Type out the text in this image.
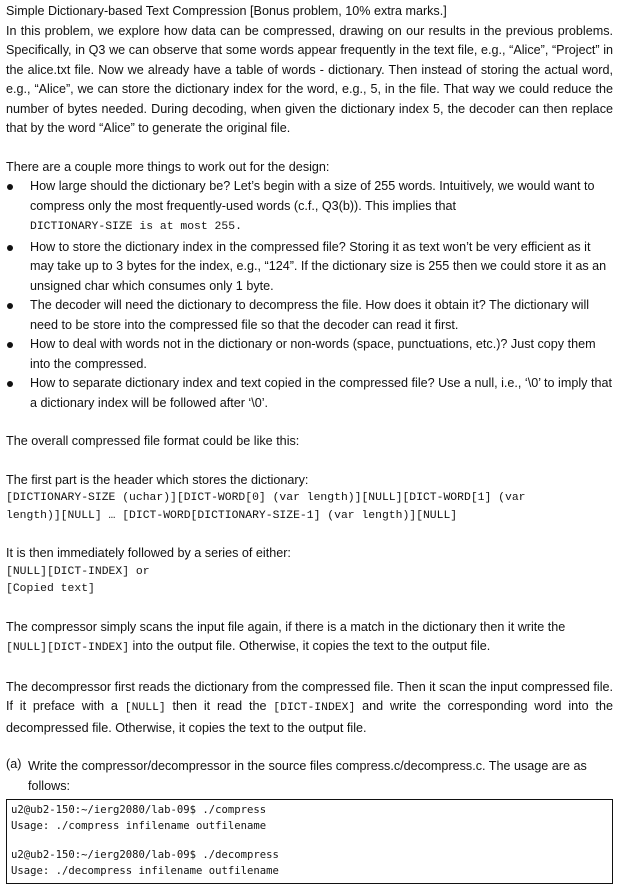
Simple Dictionary-based Text Compression [Bonus problem, 10% extra marks.]

In this problem, we explore how data can be compressed, drawing on our results in the previous problems. Specifically, in Q3 we can observe that some words appear frequently in the text file, e.g., “Alice”, “Project” in the alice.txt file. Now we already have a table of words - dictionary. Then instead of storing the actual word, e.g., “Alice”, we can store the dictionary index for the word, e.g., 5, in the file. That way we could reduce the number of bytes needed. During decoding, when given the dictionary index 5, the decoder can then replace that by the word “Alice” to generate the original file.

There are a couple more things to work out for the design:

How large should the dictionary be? Let’s begin with a size of 255 words. Intuitively, we would want to compress only the most frequently-used words (c.f., Q3(b)). This implies that
DICTIONARY-SIZE is at most 255.

How to store the dictionary index in the compressed file? Storing it as text won’t be very efficient as it may take up to 3 bytes for the index, e.g., “124”. If the dictionary size is 255 then we could store it as an unsigned char which consumes only 1 byte.

The decoder will need the dictionary to decompress the file. How does it obtain it? The dictionary will need to be store into the compressed file so that the decoder can read it first.

How to deal with words not in the dictionary or non-words (space, punctuations, etc.)? Just copy them into the compressed.

How to separate dictionary index and text copied in the compressed file? Use a null, i.e., ‘\0’ to imply that a dictionary index will be followed after ‘\0’.

The overall compressed file format could be like this:

The first part is the header which stores the dictionary:

[DICTIONARY-SIZE (uchar)][DICT-WORD[0] (var length)][NULL][DICT-WORD[1] (var
length)][NULL] … [DICT-WORD[DICTIONARY-SIZE-1] (var length)][NULL]

It is then immediately followed by a series of either:

[NULL][DICT-INDEX] or
[Copied text]

The compressor simply scans the input file again, if there is a match in the dictionary then it write the
[NULL][DICT-INDEX] into the output file. Otherwise, it copies the text to the output file.

The decompressor first reads the dictionary from the compressed file. Then it scan the input compressed file. If it preface with a [NULL] then it read the [DICT-INDEX] and write the corresponding word into the decompressed file. Otherwise, it copies the text to the output file.

(a) Write the compressor/decompressor in the source files compress.c/decompress.c. The usage are as follows:

u2@ub2-150:~/ierg2080/lab-09$ ./compress
Usage: ./compress infilename outfilename
u2@ub2-150:~/ierg2080/lab-09$ ./decompress
Usage: ./decompress infilename outfilename
